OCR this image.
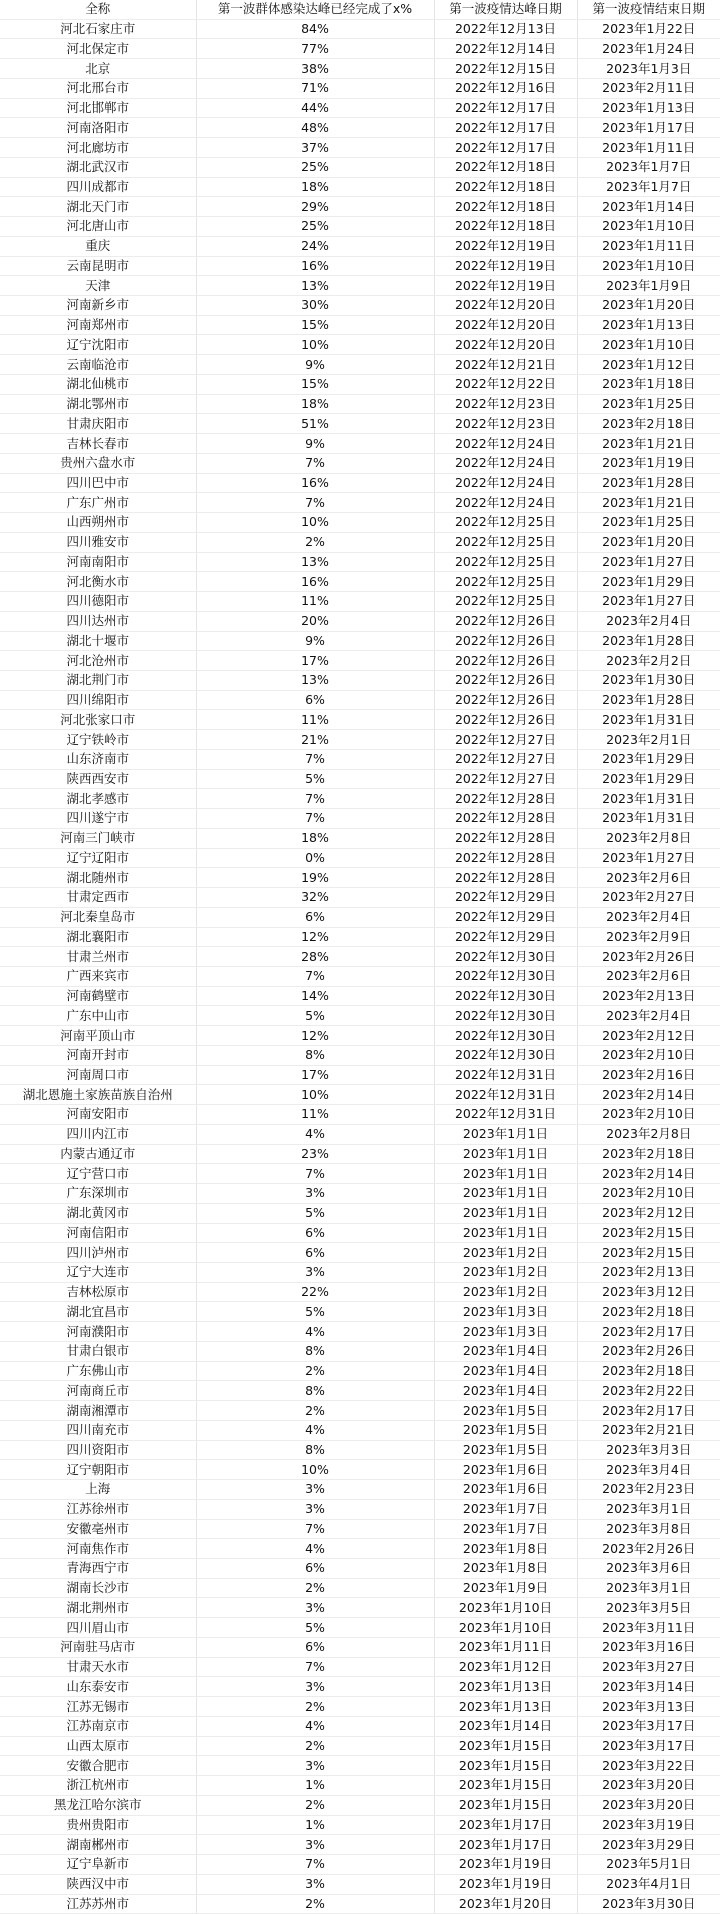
全称	第一波群体感染达峰已经完成了x%	第一波疫情达峰日期	第一波疫情结束日期
河北石家庄市	84%	2022年12月13日	2023年1月22日
河北保定市	77%	2022年12月14日	2023年1月24日
北京	38%	2022年12月15日	2023年1月3日
河北邢台市	71%	2022年12月16日	2023年2月11日
河北邯郸市	44%	2022年12月17日	2023年1月13日
河南洛阳市	48%	2022年12月17日	2023年1月17日
河北廊坊市	37%	2022年12月17日	2023年1月11日
湖北武汉市	25%	2022年12月18日	2023年1月7日
四川成都市	18%	2022年12月18日	2023年1月7日
湖北天门市	29%	2022年12月18日	2023年1月14日
河北唐山市	25%	2022年12月18日	2023年1月10日
重庆	24%	2022年12月19日	2023年1月11日
云南昆明市	16%	2022年12月19日	2023年1月10日
天津	13%	2022年12月19日	2023年1月9日
河南新乡市	30%	2022年12月20日	2023年1月20日
河南郑州市	15%	2022年12月20日	2023年1月13日
辽宁沈阳市	10%	2022年12月20日	2023年1月10日
云南临沧市	9%	2022年12月21日	2023年1月12日
湖北仙桃市	15%	2022年12月22日	2023年1月18日
湖北鄂州市	18%	2022年12月23日	2023年1月25日
甘肃庆阳市	51%	2022年12月23日	2023年2月18日
吉林长春市	9%	2022年12月24日	2023年1月21日
贵州六盘水市	7%	2022年12月24日	2023年1月19日
四川巴中市	16%	2022年12月24日	2023年1月28日
广东广州市	7%	2022年12月24日	2023年1月21日
山西朔州市	10%	2022年12月25日	2023年1月25日
四川雅安市	2%	2022年12月25日	2023年1月20日
河南南阳市	13%	2022年12月25日	2023年1月27日
河北衡水市	16%	2022年12月25日	2023年1月29日
四川德阳市	11%	2022年12月25日	2023年1月27日
四川达州市	20%	2022年12月26日	2023年2月4日
湖北十堰市	9%	2022年12月26日	2023年1月28日
河北沧州市	17%	2022年12月26日	2023年2月2日
湖北荆门市	13%	2022年12月26日	2023年1月30日
四川绵阳市	6%	2022年12月26日	2023年1月28日
河北张家口市	11%	2022年12月26日	2023年1月31日
辽宁铁岭市	21%	2022年12月27日	2023年2月1日
山东济南市	7%	2022年12月27日	2023年1月29日
陕西西安市	5%	2022年12月27日	2023年1月29日
湖北孝感市	7%	2022年12月28日	2023年1月31日
四川遂宁市	7%	2022年12月28日	2023年1月31日
河南三门峡市	18%	2022年12月28日	2023年2月8日
辽宁辽阳市	0%	2022年12月28日	2023年1月27日
湖北随州市	19%	2022年12月28日	2023年2月6日
甘肃定西市	32%	2022年12月29日	2023年2月27日
河北秦皇岛市	6%	2022年12月29日	2023年2月4日
湖北襄阳市	12%	2022年12月29日	2023年2月9日
甘肃兰州市	28%	2022年12月30日	2023年2月26日
广西来宾市	7%	2022年12月30日	2023年2月6日
河南鹤壁市	14%	2022年12月30日	2023年2月13日
广东中山市	5%	2022年12月30日	2023年2月4日
河南平顶山市	12%	2022年12月30日	2023年2月12日
河南开封市	8%	2022年12月30日	2023年2月10日
河南周口市	17%	2022年12月31日	2023年2月16日
湖北恩施土家族苗族自治州	10%	2022年12月31日	2023年2月14日
河南安阳市	11%	2022年12月31日	2023年2月10日
四川内江市	4%	2023年1月1日	2023年2月8日
内蒙古通辽市	23%	2023年1月1日	2023年2月18日
辽宁营口市	7%	2023年1月1日	2023年2月14日
广东深圳市	3%	2023年1月1日	2023年2月10日
湖北黄冈市	5%	2023年1月1日	2023年2月12日
河南信阳市	6%	2023年1月1日	2023年2月15日
四川泸州市	6%	2023年1月2日	2023年2月15日
辽宁大连市	3%	2023年1月2日	2023年2月13日
吉林松原市	22%	2023年1月2日	2023年3月12日
湖北宜昌市	5%	2023年1月3日	2023年2月18日
河南濮阳市	4%	2023年1月3日	2023年2月17日
甘肃白银市	8%	2023年1月4日	2023年2月26日
广东佛山市	2%	2023年1月4日	2023年2月18日
河南商丘市	8%	2023年1月4日	2023年2月22日
湖南湘潭市	2%	2023年1月5日	2023年2月17日
四川南充市	4%	2023年1月5日	2023年2月21日
四川资阳市	8%	2023年1月5日	2023年3月3日
辽宁朝阳市	10%	2023年1月6日	2023年3月4日
上海	3%	2023年1月6日	2023年2月23日
江苏徐州市	3%	2023年1月7日	2023年3月1日
安徽亳州市	7%	2023年1月7日	2023年3月8日
河南焦作市	4%	2023年1月8日	2023年2月26日
青海西宁市	6%	2023年1月8日	2023年3月6日
湖南长沙市	2%	2023年1月9日	2023年3月1日
湖北荆州市	3%	2023年1月10日	2023年3月5日
四川眉山市	5%	2023年1月10日	2023年3月11日
河南驻马店市	6%	2023年1月11日	2023年3月16日
甘肃天水市	7%	2023年1月12日	2023年3月27日
山东泰安市	3%	2023年1月13日	2023年3月14日
江苏无锡市	2%	2023年1月13日	2023年3月13日
江苏南京市	4%	2023年1月14日	2023年3月17日
山西太原市	2%	2023年1月15日	2023年3月17日
安徽合肥市	3%	2023年1月15日	2023年3月22日
浙江杭州市	1%	2023年1月15日	2023年3月20日
黑龙江哈尔滨市	2%	2023年1月15日	2023年3月20日
贵州贵阳市	1%	2023年1月17日	2023年3月19日
湖南郴州市	3%	2023年1月17日	2023年3月29日
辽宁阜新市	7%	2023年1月19日	2023年5月1日
陕西汉中市	3%	2023年1月19日	2023年4月1日
江苏苏州市	2%	2023年1月20日	2023年3月30日
